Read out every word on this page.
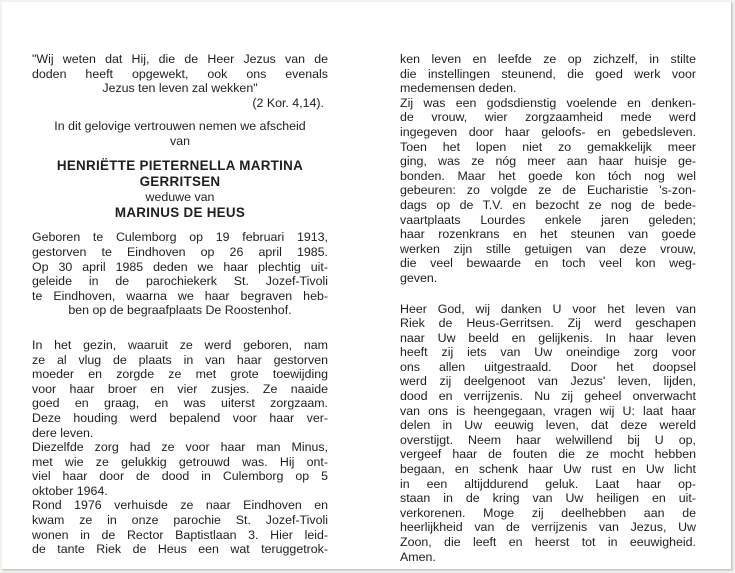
"Wij weten dat Hij, die de Heer Jezus van de
doden heeft opgewekt, ook ons evenals
Jezus ten leven zal wekken"
(2 Kor. 4,14).
In dit gelovige vertrouwen nemen we afscheid
van
HENRIËTTE PIETERNELLA MARTINA
GERRITSEN
weduwe van
MARINUS DE HEUS
Geboren te Culemborg op 19 februari 1913,
gestorven te Eindhoven op 26 april 1985.
Op 30 april 1985 deden we haar plechtig uit-
geleide in de parochiekerk St. Jozef-Tivoli
te Eindhoven, waarna we haar begraven heb-
ben op de begraafplaats De Roostenhof.
In het gezin, waaruit ze werd geboren, nam
ze al vlug de plaats in van haar gestorven
moeder en zorgde ze met grote toewijding
voor haar broer en vier zusjes. Ze naaide
goed en graag, en was uiterst zorgzaam.
Deze houding werd bepalend voor haar ver-
dere leven.
Diezelfde zorg had ze voor haar man Minus,
met wie ze gelukkig getrouwd was. Hij ont-
viel haar door de dood in Culemborg op 5
oktober 1964.
Rond 1976 verhuisde ze naar Eindhoven en
kwam ze in onze parochie St. Jozef-Tivoli
wonen in de Rector Baptistlaan 3. Hier leid-
de tante Riek de Heus een wat teruggetrok-
ken leven en leefde ze op zichzelf, in stilte
die instellingen steunend, die goed werk voor
medemensen deden.
Zij was een godsdienstig voelende en denken-
de vrouw, wier zorgzaamheid mede werd
ingegeven door haar geloofs- en gebedsleven.
Toen het lopen niet zo gemakkelijk meer
ging, was ze nóg meer aan haar huisje ge-
bonden. Maar het goede kon tóch nog wel
gebeuren: zo volgde ze de Eucharistie 's-zon-
dags op de T.V. en bezocht ze nog de bede-
vaartplaats Lourdes enkele jaren geleden;
haar rozenkrans en het steunen van goede
werken zijn stille getuigen van deze vrouw,
die veel bewaarde en toch veel kon weg-
geven.
Heer God, wij danken U voor het leven van
Riek de Heus-Gerritsen. Zij werd geschapen
naar Uw beeld en gelijkenis. In haar leven
heeft zij iets van Uw oneindige zorg voor
ons allen uitgestraald. Door het doopsel
werd zij deelgenoot van Jezus' leven, lijden,
dood en verrijzenis. Nu zij geheel onverwacht
van ons is heengegaan, vragen wij U: laat haar
delen in Uw eeuwig leven, dat deze wereld
overstijgt. Neem haar welwillend bij U op,
vergeef haar de fouten die ze mocht hebben
begaan, en schenk haar Uw rust en Uw licht
in een altijddurend geluk. Laat haar op-
staan in de kring van Uw heiligen en uit-
verkorenen. Moge zij deelhebben aan de
heerlijkheid van de verrijzenis van Jezus, Uw
Zoon, die leeft en heerst tot in eeuwigheid.
Amen.
